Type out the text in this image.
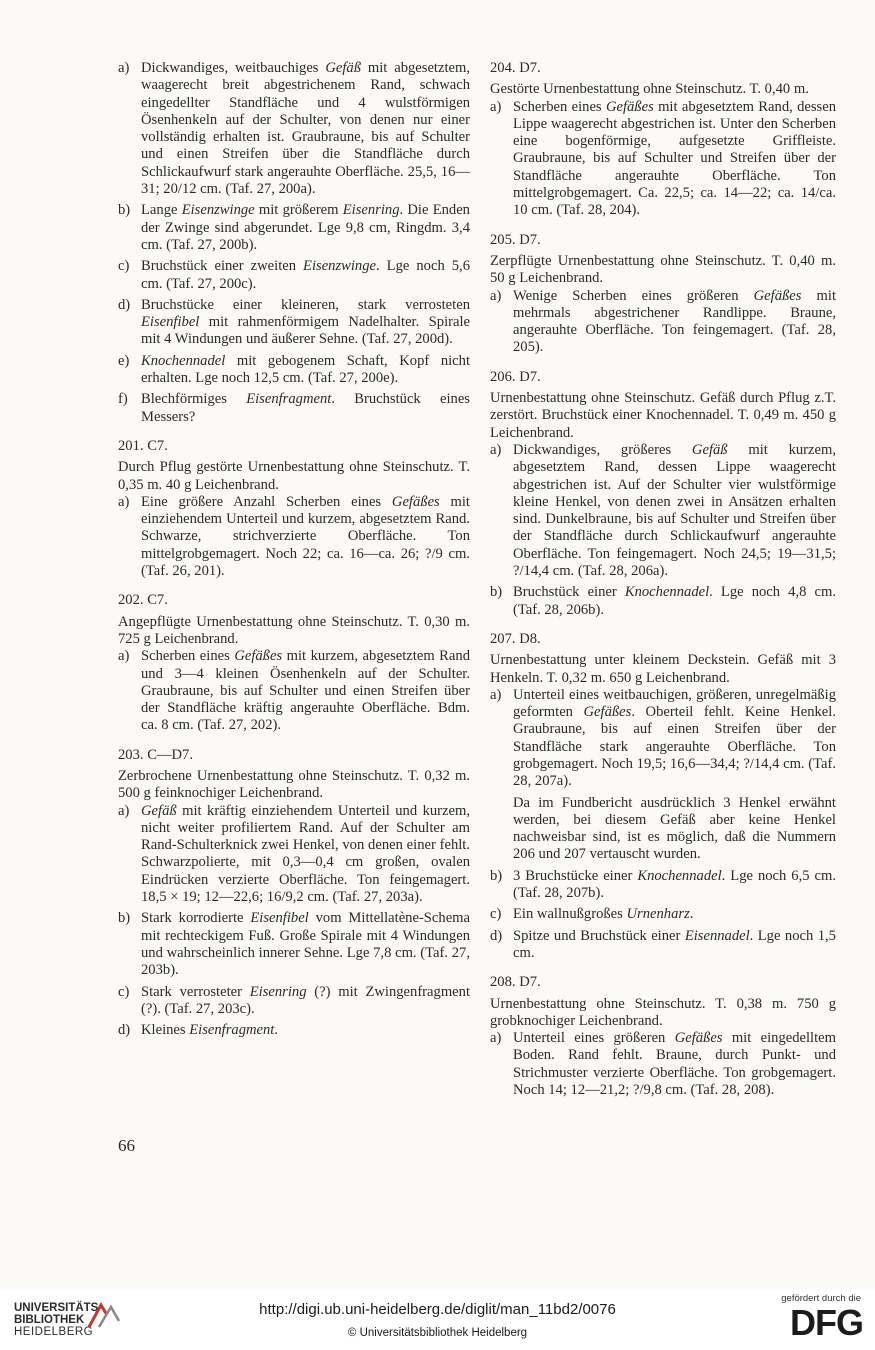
a) Dickwandiges, weitbauchiges Gefäß mit abgesetztem, waagerecht breit abgestrichenem Rand, schwach eingedellter Standfläche und 4 wulstförmigen Ösenhenkeln auf der Schulter, von denen nur einer vollständig erhalten ist. Graubraune, bis auf Schulter und einen Streifen über die Standfläche durch Schlickaufwurf stark angerauhte Oberfläche. 25,5, 16—31; 20/12 cm. (Taf. 27, 200a).
b) Lange Eisenzwinge mit größerem Eisenring. Die Enden der Zwinge sind abgerundet. Lge 9,8 cm, Ringdm. 3,4 cm. (Taf. 27, 200b).
c) Bruchstück einer zweiten Eisenzwinge. Lge noch 5,6 cm. (Taf. 27, 200c).
d) Bruchstücke einer kleineren, stark verrosteten Eisenfibel mit rahmenförmigem Nadelhalter. Spirale mit 4 Windungen und äußerer Sehne. (Taf. 27, 200d).
e) Knochennadel mit gebogenem Schaft, Kopf nicht erhalten. Lge noch 12,5 cm. (Taf. 27, 200e).
f) Blechförmiges Eisenfragment. Bruchstück eines Messers?
201. C7.
Durch Pflug gestörte Urnenbestattung ohne Steinschutz. T. 0,35 m. 40 g Leichenbrand.
a) Eine größere Anzahl Scherben eines Gefäßes mit einziehendem Unterteil und kurzem, abgesetztem Rand. Schwarze, strichverzierte Oberfläche. Ton mittelgrobgemagert. Noch 22; ca. 16—ca. 26; ?/9 cm. (Taf. 26, 201).
202. C7.
Angepflügte Urnenbestattung ohne Steinschutz. T. 0,30 m. 725 g Leichenbrand.
a) Scherben eines Gefäßes mit kurzem, abgesetztem Rand und 3—4 kleinen Ösenhenkeln auf der Schulter. Graubraune, bis auf Schulter und einen Streifen über der Standfläche kräftig angerauhte Oberfläche. Bdm. ca. 8 cm. (Taf. 27, 202).
203. C—D7.
Zerbrochene Urnenbestattung ohne Steinschutz. T. 0,32 m. 500 g feinknochiger Leichenbrand.
a) Gefäß mit kräftig einziehendem Unterteil und kurzem, nicht weiter profiliertem Rand. Auf der Schulter am Rand-Schulterknick zwei Henkel, von denen einer fehlt. Schwarzpolierte, mit 0,3—0,4 cm großen, ovalen Eindrücken verzierte Oberfläche. Ton feingemagert. 18,5 × 19; 12—22,6; 16/9,2 cm. (Taf. 27, 203a).
b) Stark korrodierte Eisenfibel vom Mittellatène-Schema mit rechteckigem Fuß. Große Spirale mit 4 Windungen und wahrscheinlich innerer Sehne. Lge 7,8 cm. (Taf. 27, 203b).
c) Stark verrosteter Eisenring (?) mit Zwingenfragment (?). (Taf. 27, 203c).
d) Kleines Eisenfragment.
204. D7.
Gestörte Urnenbestattung ohne Steinschutz. T. 0,40 m.
a) Scherben eines Gefäßes mit abgesetztem Rand, dessen Lippe waagerecht abgestrichen ist. Unter den Scherben eine bogenförmige, aufgesetzte Griffleiste. Graubraune, bis auf Schulter und Streifen über der Standfläche angerauhte Oberfläche. Ton mittelgrobgemagert. Ca. 22,5; ca. 14—22; ca. 14/ca. 10 cm. (Taf. 28, 204).
205. D7.
Zerpflügte Urnenbestattung ohne Steinschutz. T. 0,40 m. 50 g Leichenbrand.
a) Wenige Scherben eines größeren Gefäßes mit mehrmals abgestrichener Randlippe. Braune, angerauhte Oberfläche. Ton feingemagert. (Taf. 28, 205).
206. D7.
Urnenbestattung ohne Steinschutz. Gefäß durch Pflug z.T. zerstört. Bruchstück einer Knochennadel. T. 0,49 m. 450 g Leichenbrand.
a) Dickwandiges, größeres Gefäß mit kurzem, abgesetztem Rand, dessen Lippe waagerecht abgestrichen ist. Auf der Schulter vier wulstförmige kleine Henkel, von denen zwei in Ansätzen erhalten sind. Dunkelbraune, bis auf Schulter und Streifen über der Standfläche durch Schlickaufwurf angerauhte Oberfläche. Ton feingemagert. Noch 24,5; 19—31,5; ?/14,4 cm. (Taf. 28, 206a).
b) Bruchstück einer Knochennadel. Lge noch 4,8 cm. (Taf. 28, 206b).
207. D8.
Urnenbestattung unter kleinem Deckstein. Gefäß mit 3 Henkeln. T. 0,32 m. 650 g Leichenbrand.
a) Unterteil eines weitbauchigen, größeren, unregelmäßig geformten Gefäßes. Oberteil fehlt. Keine Henkel. Graubraune, bis auf einen Streifen über der Standfläche stark angerauhte Oberfläche. Ton grobgemagert. Noch 19,5; 16,6—34,4; ?/14,4 cm. (Taf. 28, 207a).
Da im Fundbericht ausdrücklich 3 Henkel erwähnt werden, bei diesem Gefäß aber keine Henkel nachweisbar sind, ist es möglich, daß die Nummern 206 und 207 vertauscht wurden.
b) 3 Bruchstücke einer Knochennadel. Lge noch 6,5 cm. (Taf. 28, 207b).
c) Ein wallnußgroßes Urnenharz.
d) Spitze und Bruchstück einer Eisennadel. Lge noch 1,5 cm.
208. D7.
Urnenbestattung ohne Steinschutz. T. 0,38 m. 750 g grobknochiger Leichenbrand.
a) Unterteil eines größeren Gefäßes mit eingedelltem Boden. Rand fehlt. Braune, durch Punkt- und Strichmuster verzierte Oberfläche. Ton grobgemagert. Noch 14; 12—21,2; ?/9,8 cm. (Taf. 28, 208).
66
UNIVERSITÄTS-
BIBLIOTHEK
HEIDELBERG
http://digi.ub.uni-heidelberg.de/diglit/man_11bd2/0076
© Universitätsbibliothek Heidelberg
gefördert durch die
DFG
